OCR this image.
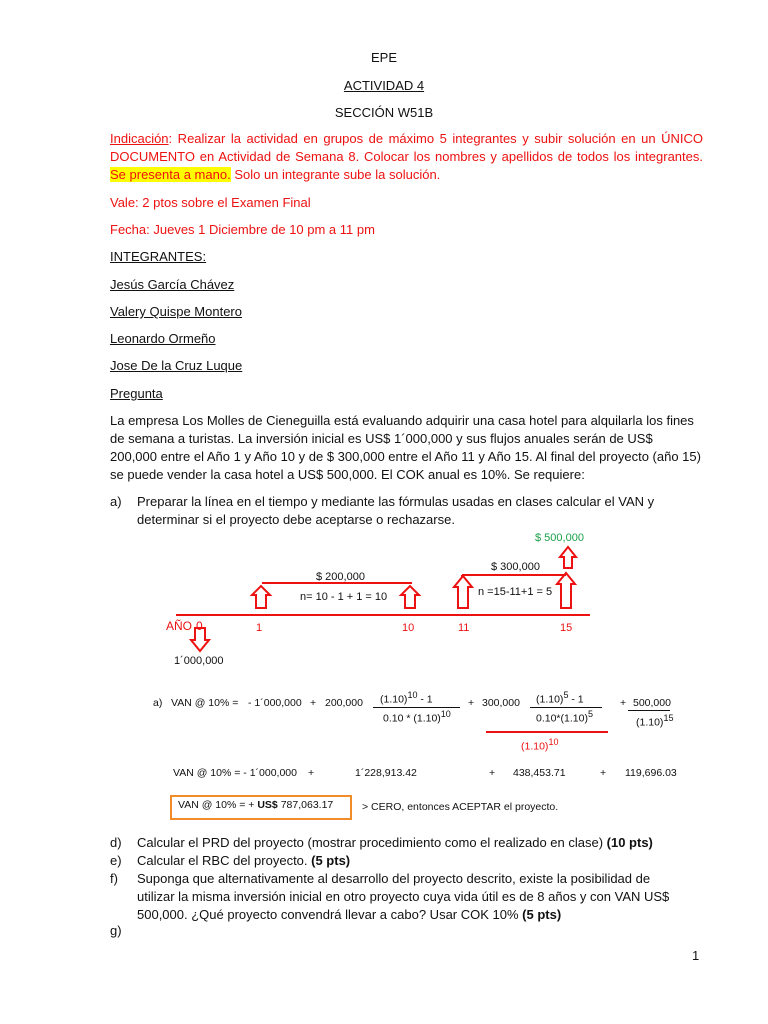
EPE
ACTIVIDAD 4
SECCIÓN W51B
Indicación: Realizar la actividad en grupos de máximo 5 integrantes y subir solución en un ÚNICO DOCUMENTO en Actividad de Semana 8. Colocar los nombres y apellidos de todos los integrantes. Se presenta a mano. Solo un integrante sube la solución.
Vale: 2 ptos sobre el Examen Final
Fecha: Jueves 1 Diciembre de 10 pm a 11 pm
INTEGRANTES:
Jesús García Chávez
Valery Quispe Montero
Leonardo Ormeño
Jose De la Cruz Luque
Pregunta
La empresa Los Molles de Cieneguilla está evaluando adquirir una casa hotel para alquilarla los fines de semana a turistas. La inversión inicial es US$ 1´000,000 y sus flujos anuales serán de US$ 200,000 entre el Año 1 y Año 10 y de $ 300,000 entre el Año 11 y Año 15. Al final del proyecto (año 15) se puede vender la casa hotel a US$ 500,000. El COK anual es 10%. Se requiere:
a) Preparar la línea en el tiempo y mediante las fórmulas usadas en clases calcular el VAN y determinar si el proyecto debe aceptarse o rechazarse.
$ 500,000
$ 200,000
n= 10 - 1 + 1 = 10
$ 300,000
n =15-11+1 = 5
AÑO 0	1	10	11	15
1´000,000
a) VAN @ 10% = - 1´000,000 + 200,000 $(1.10)^{10} - 1$
$0.10 * (1.10)^{10}$
+ 300,000 $(1.10)^5 - 1$
$0.10*(1.10)^5$
+ 500,000
$(1.10)^{15}$
$(1.10)^{10}$
VAN @ 10% = - 1´000,000 +	1´228,913.42	+ 438,453.71	+ 119,696.03
VAN @ 10% = + US$ 787,063.17	> CERO, entonces ACEPTAR el proyecto.
d) Calcular el PRD del proyecto (mostrar procedimiento como el realizado en clase) (10 pts)
e) Calcular el RBC del proyecto. (5 pts)
f) Suponga que alternativamente al desarrollo del proyecto descrito, existe la posibilidad de utilizar la misma inversión inicial en otro proyecto cuya vida útil es de 8 años y con VAN US$ 500,000. ¿Qué proyecto convendrá llevar a cabo? Usar COK 10% (5 pts)
g)
1
